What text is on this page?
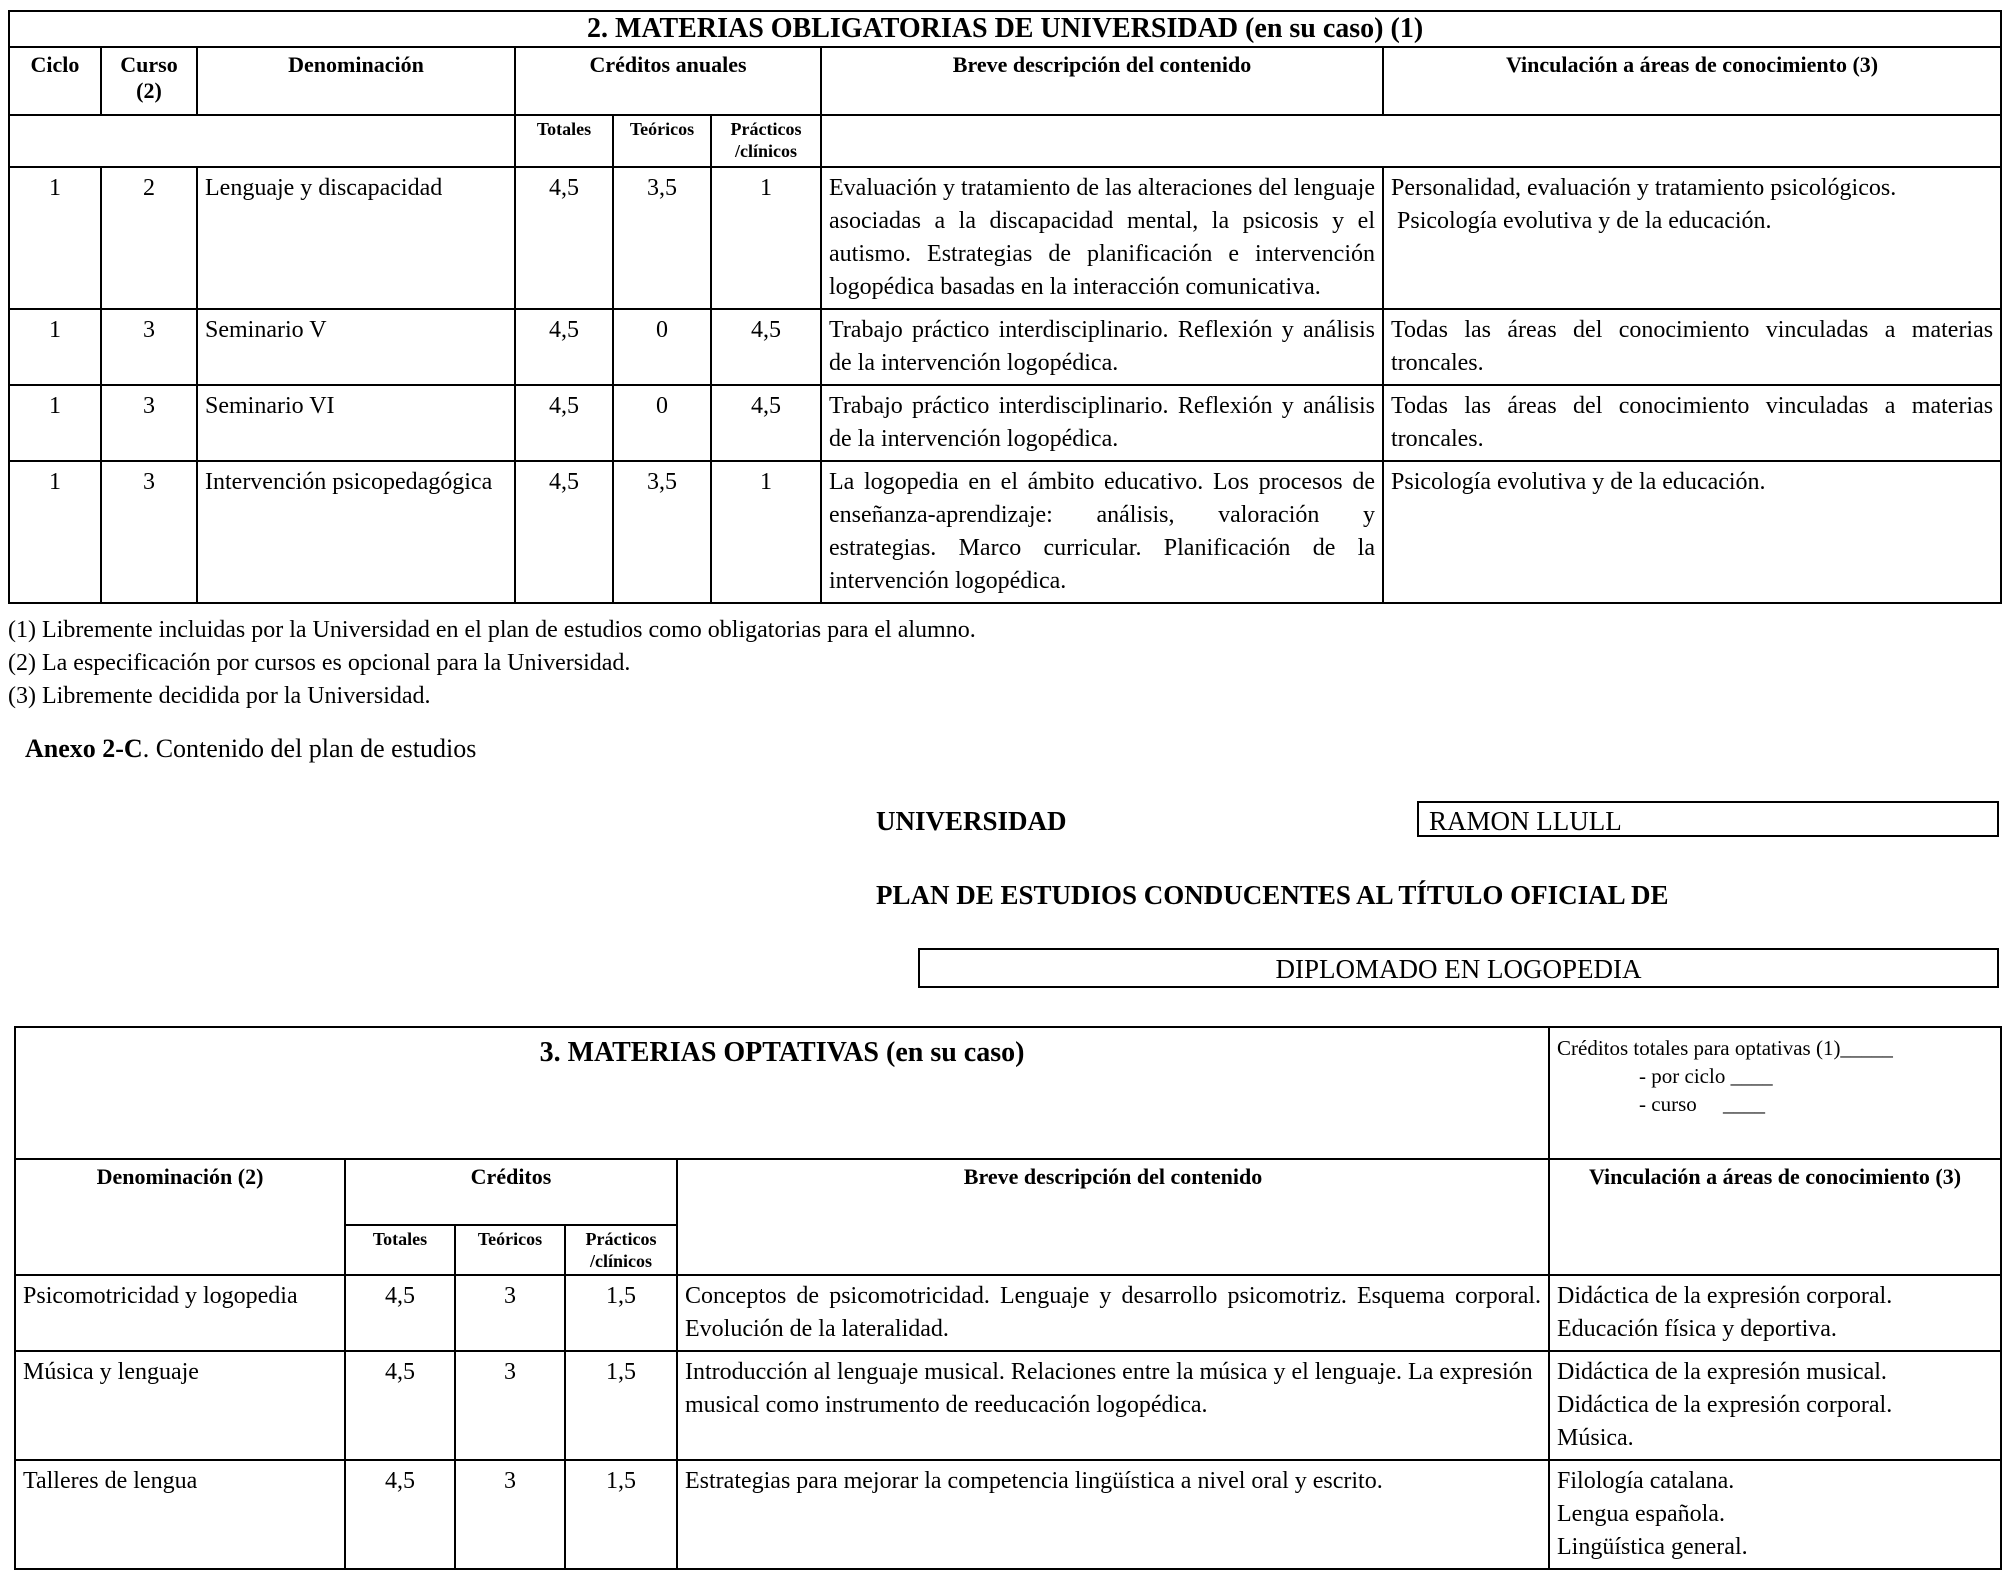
2. MATERIAS OBLIGATORIAS DE UNIVERSIDAD (en su caso) (1)							
Ciclo	Curso (2)	Denominación	Créditos anuales			Breve descripción del contenido	Vinculación a áreas de conocimiento (3)
			Totales	Teóricos	Prácticos /clínicos		
1	2	Lenguaje y discapacidad	4,5	3,5	1	Evaluación y tratamiento de las alteraciones del lenguaje asociadas a la discapacidad mental, la psicosis y el autismo. Estrategias de planificación e intervención logopédica basadas en la interacción comunicativa.	Personalidad, evaluación y tratamiento psicológicos.
Psicología evolutiva y de la educación.

1	3	Seminario V	4,5	0	4,5	Trabajo práctico interdisciplinario. Reflexión y análisis de la intervención logopédica.	Todas las áreas del conocimiento vinculadas a materias troncales.
1	3	Seminario VI	4,5	0	4,5	Trabajo práctico interdisciplinario. Reflexión y análisis de la intervención logopédica.	Todas las áreas del conocimiento vinculadas a materias troncales.
1	3	Intervención psicopedagógica	4,5	3,5	1	La logopedia en el ámbito educativo. Los procesos de enseñanza-aprendizaje: análisis, valoración y estrategias. Marco curricular. Planificación de la intervención logopédica.	Psicología evolutiva y de la educación.
(1) Libremente incluidas por la Universidad en el plan de estudios como obligatorias para el alumno.
(2) La especificación por cursos es opcional para la Universidad.
(3) Libremente decidida por la Universidad.
Anexo 2-C. Contenido del plan de estudios
UNIVERSIDAD	RAMON LLULL
PLAN DE ESTUDIOS CONDUCENTES AL TÍTULO OFICIAL DE
DIPLOMADO EN LOGOPEDIA
3. MATERIAS OPTATIVAS (en su caso)					Créditos totales para optativas (1)_____
- por ciclo ____
- curso     ____

Denominación (2)	Créditos			Breve descripción del contenido	Vinculación a áreas de conocimiento (3)
	Totales	Teóricos	Prácticos /clínicos		
Psicomotricidad y logopedia	4,5	3	1,5	Conceptos de psicomotricidad. Lenguaje y desarrollo psicomotriz. Esquema corporal. Evolución de la lateralidad.	Didáctica de la expresión corporal.
Educación física y deportiva.

Música y lenguaje	4,5	3	1,5	Introducción al lenguaje musical. Relaciones entre la música y el lenguaje. La expresión musical como instrumento de reeducación logopédica.	Didáctica de la expresión musical.
Didáctica de la expresión corporal.
Música.

Talleres de lengua	4,5	3	1,5	Estrategias para mejorar la competencia lingüística a nivel oral y escrito.	Filología catalana.
Lengua española.
Lingüística general.
